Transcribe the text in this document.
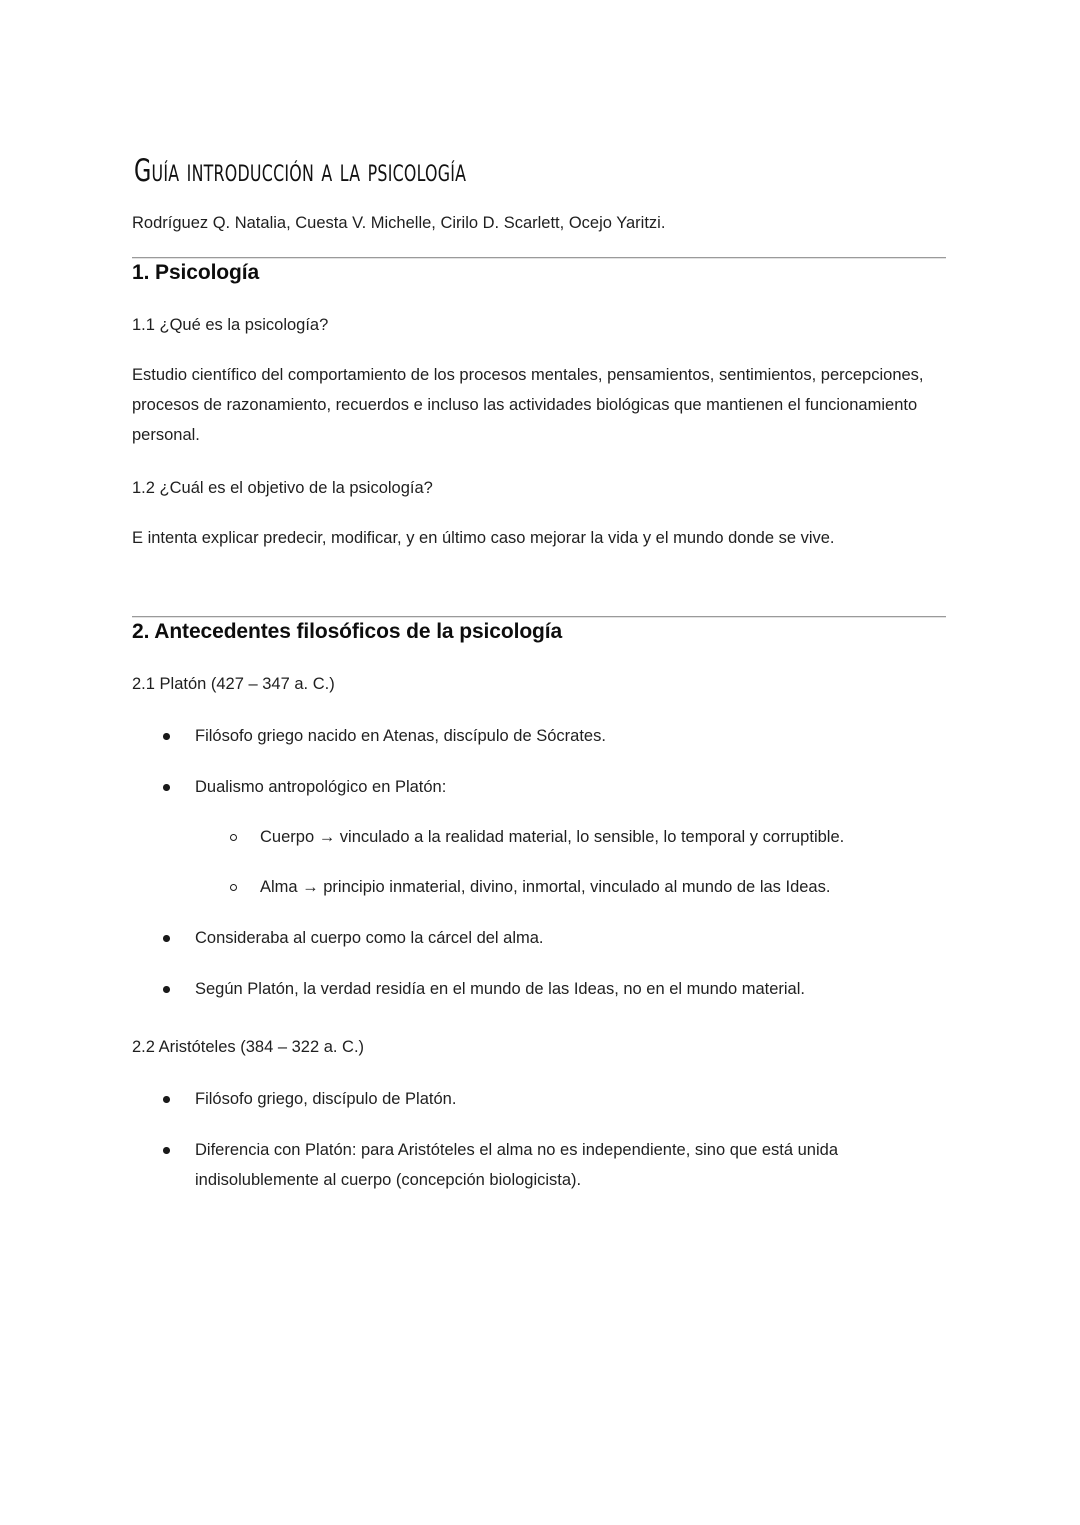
Guía introducción a la psicología

Rodríguez Q. Natalia, Cuesta V. Michelle, Cirilo D. Scarlett, Ocejo Yaritzi.

1. Psicología

1.1 ¿Qué es la psicología?

Estudio científico del comportamiento de los procesos mentales, pensamientos, sentimientos, percepciones, procesos de razonamiento, recuerdos e incluso las actividades biológicas que mantienen el funcionamiento personal.

1.2 ¿Cuál es el objetivo de la psicología?

E intenta explicar predecir, modificar, y en último caso mejorar la vida y el mundo donde se vive.

2. Antecedentes filosóficos de la psicología

2.1 Platón (427 – 347 a. C.)

Filósofo griego nacido en Atenas, discípulo de Sócrates.
Dualismo antropológico en Platón:
Cuerpo → vinculado a la realidad material, lo sensible, lo temporal y corruptible.
Alma → principio inmaterial, divino, inmortal, vinculado al mundo de las Ideas.
Consideraba al cuerpo como la cárcel del alma.
Según Platón, la verdad residía en el mundo de las Ideas, no en el mundo material.

2.2 Aristóteles (384 – 322 a. C.)

Filósofo griego, discípulo de Platón.
Diferencia con Platón: para Aristóteles el alma no es independiente, sino que está unida indisolublemente al cuerpo (concepción biologicista).
